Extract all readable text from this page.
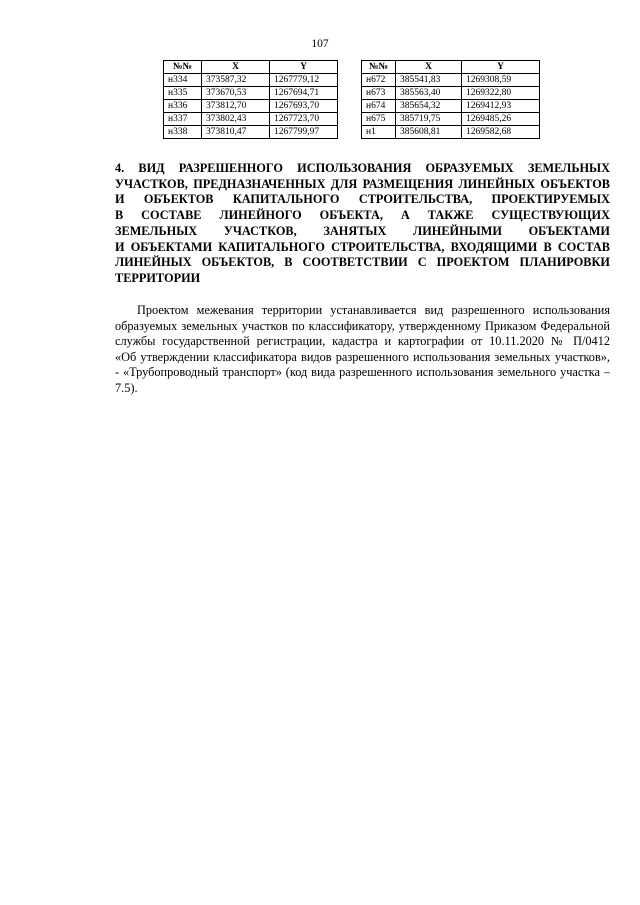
107
№№	X	Y
н334	373587,32	1267779,12
н335	373670,53	1267694,71
н336	373812,70	1267693,70
н337	373802,43	1267723,70
н338	373810,47	1267799,97
№№	X	Y
н672	385541,83	1269308,59
н673	385563,40	1269322,80
н674	385654,32	1269412,93
н675	385719,75	1269485,26
н1	385608,81	1269582,68
4. ВИД РАЗРЕШЕННОГО ИСПОЛЬЗОВАНИЯ ОБРАЗУЕМЫХ ЗЕМЕЛЬНЫХ
УЧАСТКОВ, ПРЕДНАЗНАЧЕННЫХ ДЛЯ РАЗМЕЩЕНИЯ ЛИНЕЙНЫХ ОБЪЕКТОВ
И ОБЪЕКТОВ КАПИТАЛЬНОГО СТРОИТЕЛЬСТВА, ПРОЕКТИРУЕМЫХ
В СОСТАВЕ ЛИНЕЙНОГО ОБЪЕКТА, А ТАКЖЕ СУЩЕСТВУЮЩИХ
ЗЕМЕЛЬНЫХ УЧАСТКОВ, ЗАНЯТЫХ ЛИНЕЙНЫМИ ОБЪЕКТАМИ
И ОБЪЕКТАМИ КАПИТАЛЬНОГО СТРОИТЕЛЬСТВА, ВХОДЯЩИМИ В СОСТАВ
ЛИНЕЙНЫХ ОБЪЕКТОВ, В СООТВЕТСТВИИ С ПРОЕКТОМ ПЛАНИРОВКИ
ТЕРРИТОРИИ
Проектом межевания территории устанавливается вид разрешенного использования
образуемых земельных участков по классификатору, утвержденному Приказом Федеральной
службы государственной регистрации, кадастра и картографии от 10.11.2020 № П/0412
«Об утверждении классификатора видов разрешенного использования земельных участков»,
- «Трубопроводный транспорт» (код вида разрешенного использования земельного участка –
7.5).
